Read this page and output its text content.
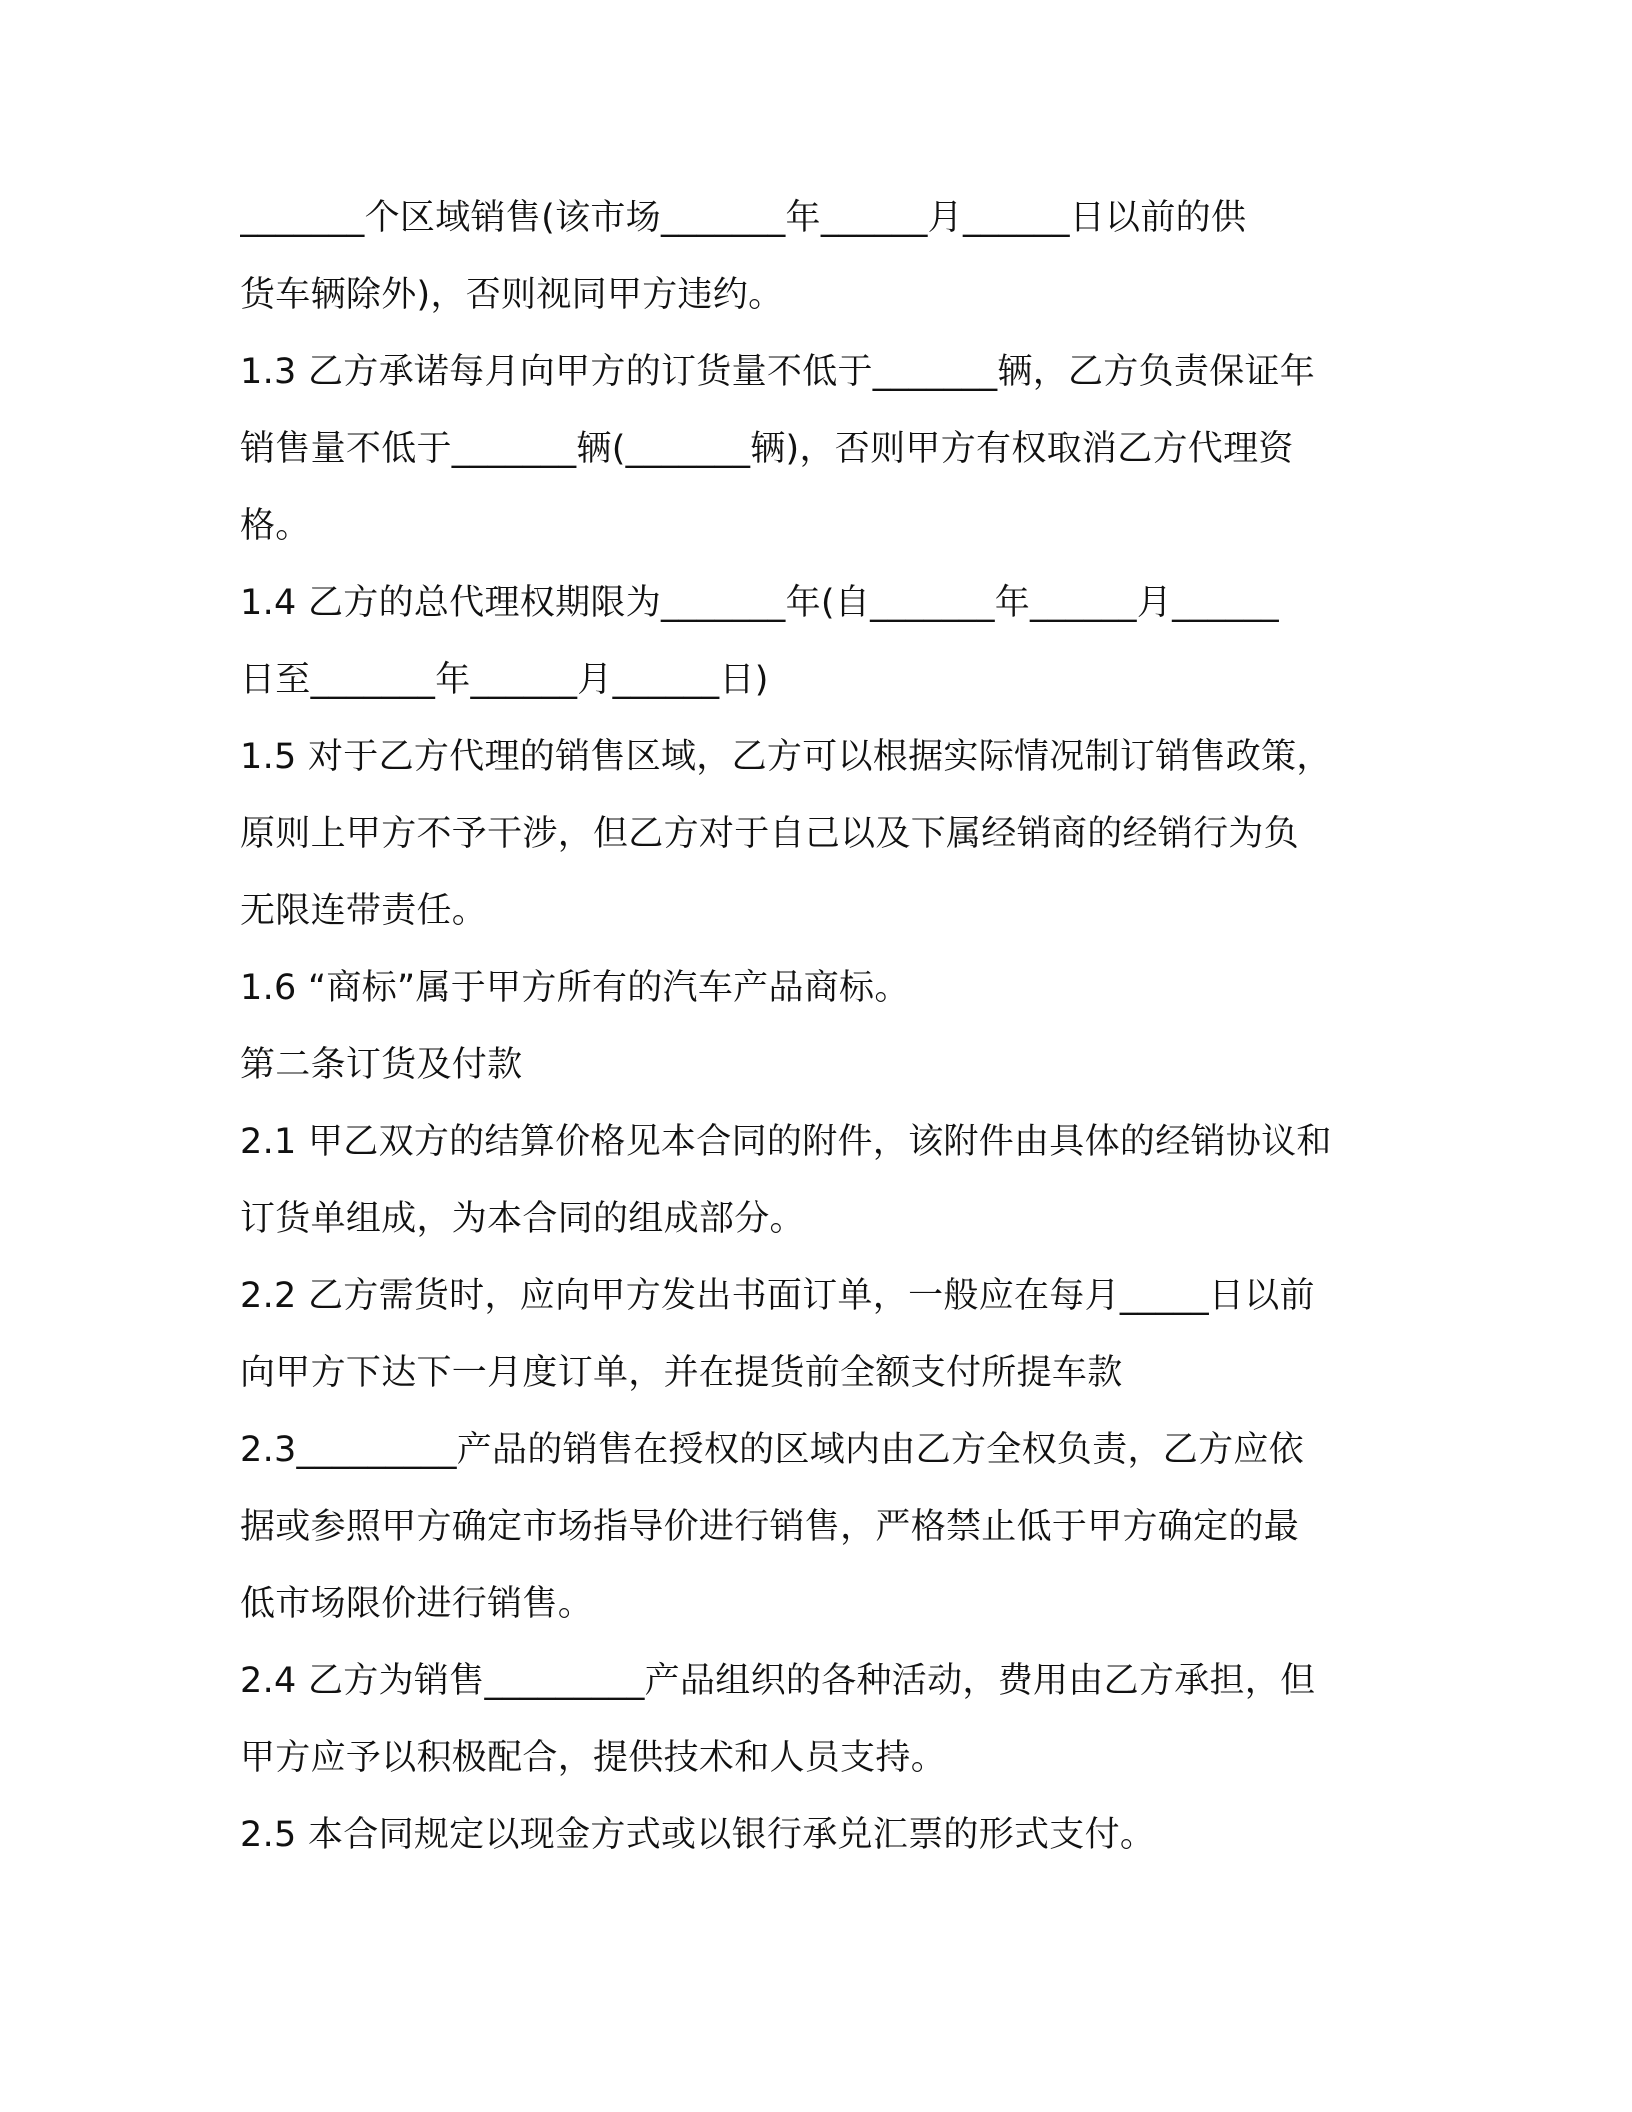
_______个区域销售(该市场_______年______月______日以前的供
货车辆除外)，否则视同甲方违约。
1.3 乙方承诺每月向甲方的订货量不低于_______辆，乙方负责保证年
销售量不低于_______辆(_______辆)，否则甲方有权取消乙方代理资
格。
1.4 乙方的总代理权期限为_______年(自_______年______月______
日至_______年______月______日)
1.5 对于乙方代理的销售区域，乙方可以根据实际情况制订销售政策，
原则上甲方不予干涉，但乙方对于自己以及下属经销商的经销行为负
无限连带责任。
1.6 “商标”属于甲方所有的汽车产品商标。
第二条订货及付款
2.1 甲乙双方的结算价格见本合同的附件，该附件由具体的经销协议和
订货单组成，为本合同的组成部分。
2.2 乙方需货时，应向甲方发出书面订单，一般应在每月_____日以前
向甲方下达下一月度订单，并在提货前全额支付所提车款
2.3_________产品的销售在授权的区域内由乙方全权负责，乙方应依
据或参照甲方确定市场指导价进行销售，严格禁止低于甲方确定的最
低市场限价进行销售。
2.4 乙方为销售_________产品组织的各种活动，费用由乙方承担，但
甲方应予以积极配合，提供技术和人员支持。
2.5 本合同规定以现金方式或以银行承兑汇票的形式支付。
